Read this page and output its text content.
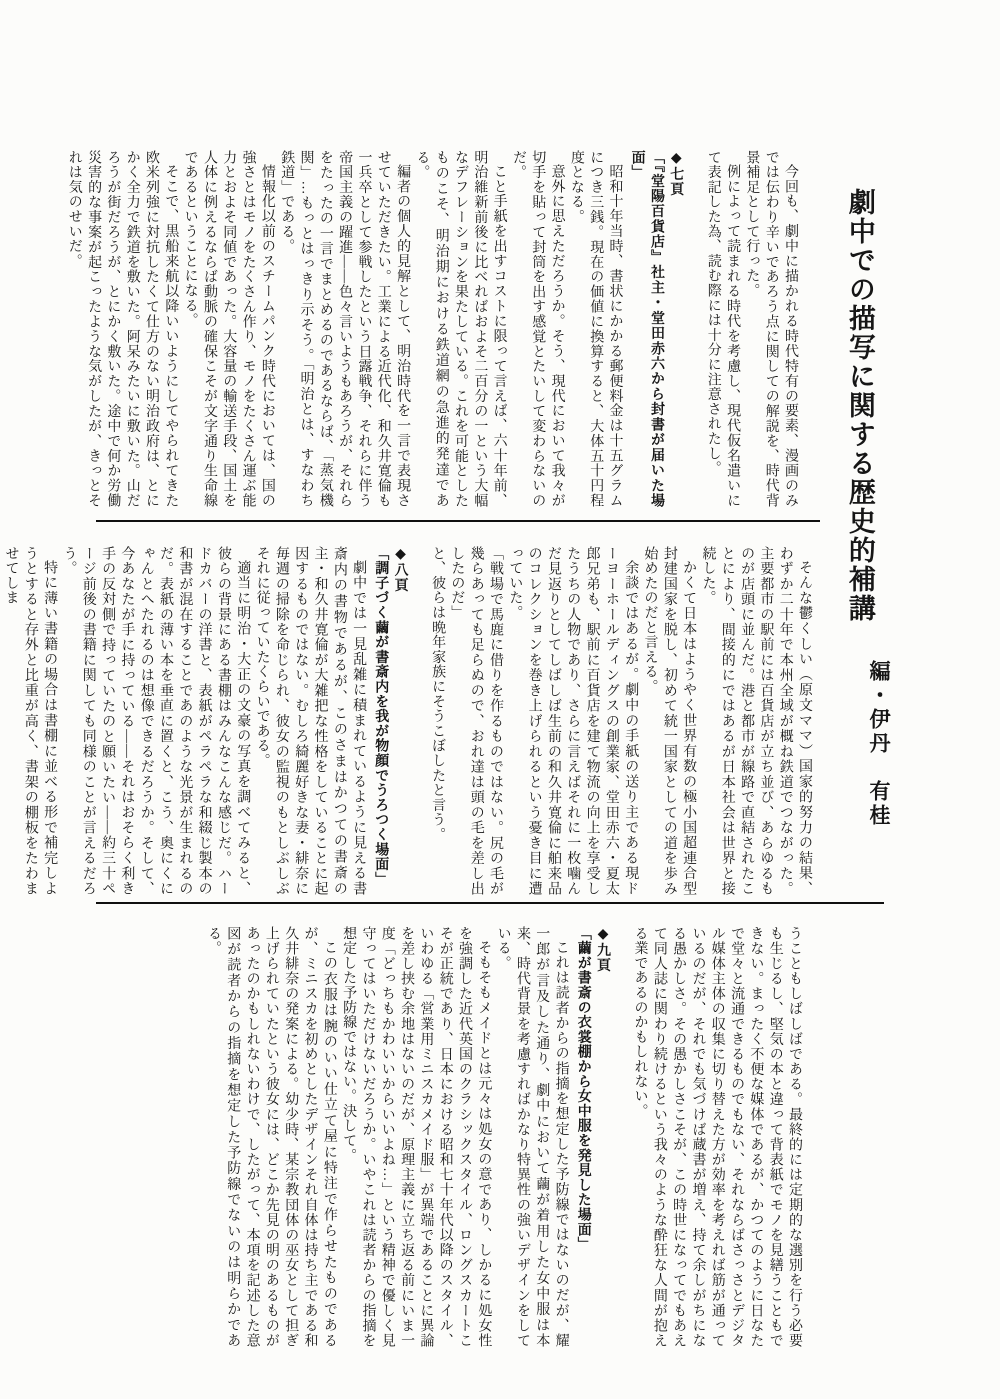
劇中での描写に関する歴史的補講
編・伊丹　有桂

今回も、劇中に描かれる時代特有の要素、漫画のみでは伝わり辛いであろう点に関しての解説を、時代背景補足として行った。

例によって読まれる時代を考慮し、現代仮名遣いにて表記した為、読む際には十分に注意されたし。

◆七頁

「『堂陽百貨店』社主・堂田赤六から封書が届いた場面」

昭和十年当時、書状にかかる郵便料金は十五グラムにつき三銭。現在の価値に換算すると、大体五十円程度となる。

意外に思えただろうか。そう、現代において我々が切手を貼って封筒を出す感覚とたいして変わらないのだ。

こと手紙を出すコストに限って言えば、六十年前、明治維新前後に比べればおよそ二百分の一という大幅なデフレーションを果たしている。これを可能としたものこそ、明治期における鉄道網の急進的発達である。

編者の個人的見解として、明治時代を一言で表現させていただきたい。工業による近代化、和久井寛倫も一兵卒として参戦したという日露戦争、それらに伴う帝国主義の躍進——色々言いようもあろうが、それらをたったの一言でまとめるのであるならば、「蒸気機関」…もっとはっきり示そう。「明治とは、すなわち鉄道」である。

情報化以前のスチームパンク時代においては、国の強さとはモノをたくさん作り、モノをたくさん運ぶ能力とおよそ同値であった。大容量の輸送手段、国土を人体に例えるならば動脈の確保こそが文字通り生命線であるということになる。

そこで、黒船来航以降いいようにしてやられてきた欧米列強に対抗したくて仕方のない明治政府は、とにかく全力で鉄道を敷いた。阿呆みたいに敷いた。山だろうが街だろうが、とにかく敷いた。途中で何か労働災害的な事案が起こったような気がしたが、きっとそれは気のせいだ。

そんな鬱くしい（原文ママ）国家的努力の結果、わずか二十年で本州全域が概ね鉄道でつながった。主要都市の駅前には百貨店が立ち並び、あらゆるものが店頭に並んだ。港と都市が線路で直結されたことにより、間接的にではあるが日本社会は世界と接続した。

かくて日本はようやく世界有数の極小国超連合型封建国家を脱し、初めて統一国家としての道を歩み始めたのだと言える。

余談ではあるが。劇中の手紙の送り主である現ドーヨーホールディングスの創業家、堂田赤六・夏太郎兄弟も、駅前に百貨店を建て物流の向上を享受したうちの人物であり、さらに言えばそれに一枚噛んだ見返りとしてしばしば生前の和久井寛倫に舶来品のコレクションを巻き上げられるという憂き目に遭っていた。

「戦場で馬鹿に借りを作るものではない。尻の毛が幾らあっても足らぬので、おれ達は頭の毛を差し出したのだ」

と、彼らは晩年家族にそうこぼしたと言う。

◆八頁

「調子づく繭が書斎内を我が物顔でうろつく場面」

劇中では一見乱雑に積まれているように見える書斎内の書物であるが、このさまはかつての書斎の主・和久井寛倫が大雑把な性格をしていることに起因するものではない。むしろ綺麗好きな妻・緋奈に毎週の掃除を命じられ、彼女の監視のもとしぶしぶそれに従っていたくらいである。

適当に明治・大正の文豪の写真を調べてみると、彼らの背景にある書棚はみんなこんな感じだ。ハードカバーの洋書と、表紙がペラペラな和綴じ製本の和書が混在することであのような光景が生まれるのだ。表紙の薄い本を垂直に置くと、こう、奥にくにゃんとへたれるのは想像できるだろうか。そして、今あなたが手に持っている——それはおそらく利き手の反対側で持っていたのと願いたい——約三十ページ前後の書籍に関しても同様のことが言えるだろう。

特に薄い書籍の場合は書棚に並べる形で補完しようとすると存外と比重が高く、書架の棚板をたわませてしま

うこともしばしばである。最終的には定期的な選別を行う必要も生じるし、堅気の本と違って背表紙でモノを見繕うこともできない。まったく不便な媒体であるが、かつてのように日なたで堂々と流通できるものでもない、それならばさっさとデジタル媒体主体の収集に切り替えた方が効率を考えれば筋が通っているのだが、それでも気づけば蔵書が増え、持て余しがちになる愚かしさ。その愚かしさこそが、この時世になってでもあえて同人誌に関わり続けるという我々のような酔狂な人間が抱える業であるのかもしれない。

◆九頁

「繭が書斎の衣裳棚から女中服を発見した場面」

これは読者からの指摘を想定した予防線ではないのだが、耀一郎が言及した通り、劇中において繭が着用した女中服は本来、時代背景を考慮すればかなり特異性の強いデザインをしている。

そもそもメイドとは元々は処女の意であり、しかるに処女性を強調した近代英国のクラシックスタイル、ロングスカートこそが正統であり、日本における昭和七十年代以降のスタイル、いわゆる「営業用ミニスカメイド服」が異端であることに異論を差し挟む余地はないのだが、原理主義に立ち返る前にいま一度「どっちもかわいいからいいよね…」という精神で優しく見守ってはいただけないだろうか。いやこれは読者からの指摘を想定した予防線ではない。決して。

この衣服は腕のいい仕立て屋に特注で作らせたものであるが、ミニスカを初めとしたデザインそれ自体は持ち主である和久井緋奈の発案による。幼少時、某宗教団体の巫女として担ぎ上げられていたという彼女には、どこか先見の明のあるものがあったのかもしれないわけで、したがって、本項を記述した意図が読者からの指摘を想定した予防線でないのは明らかである。
